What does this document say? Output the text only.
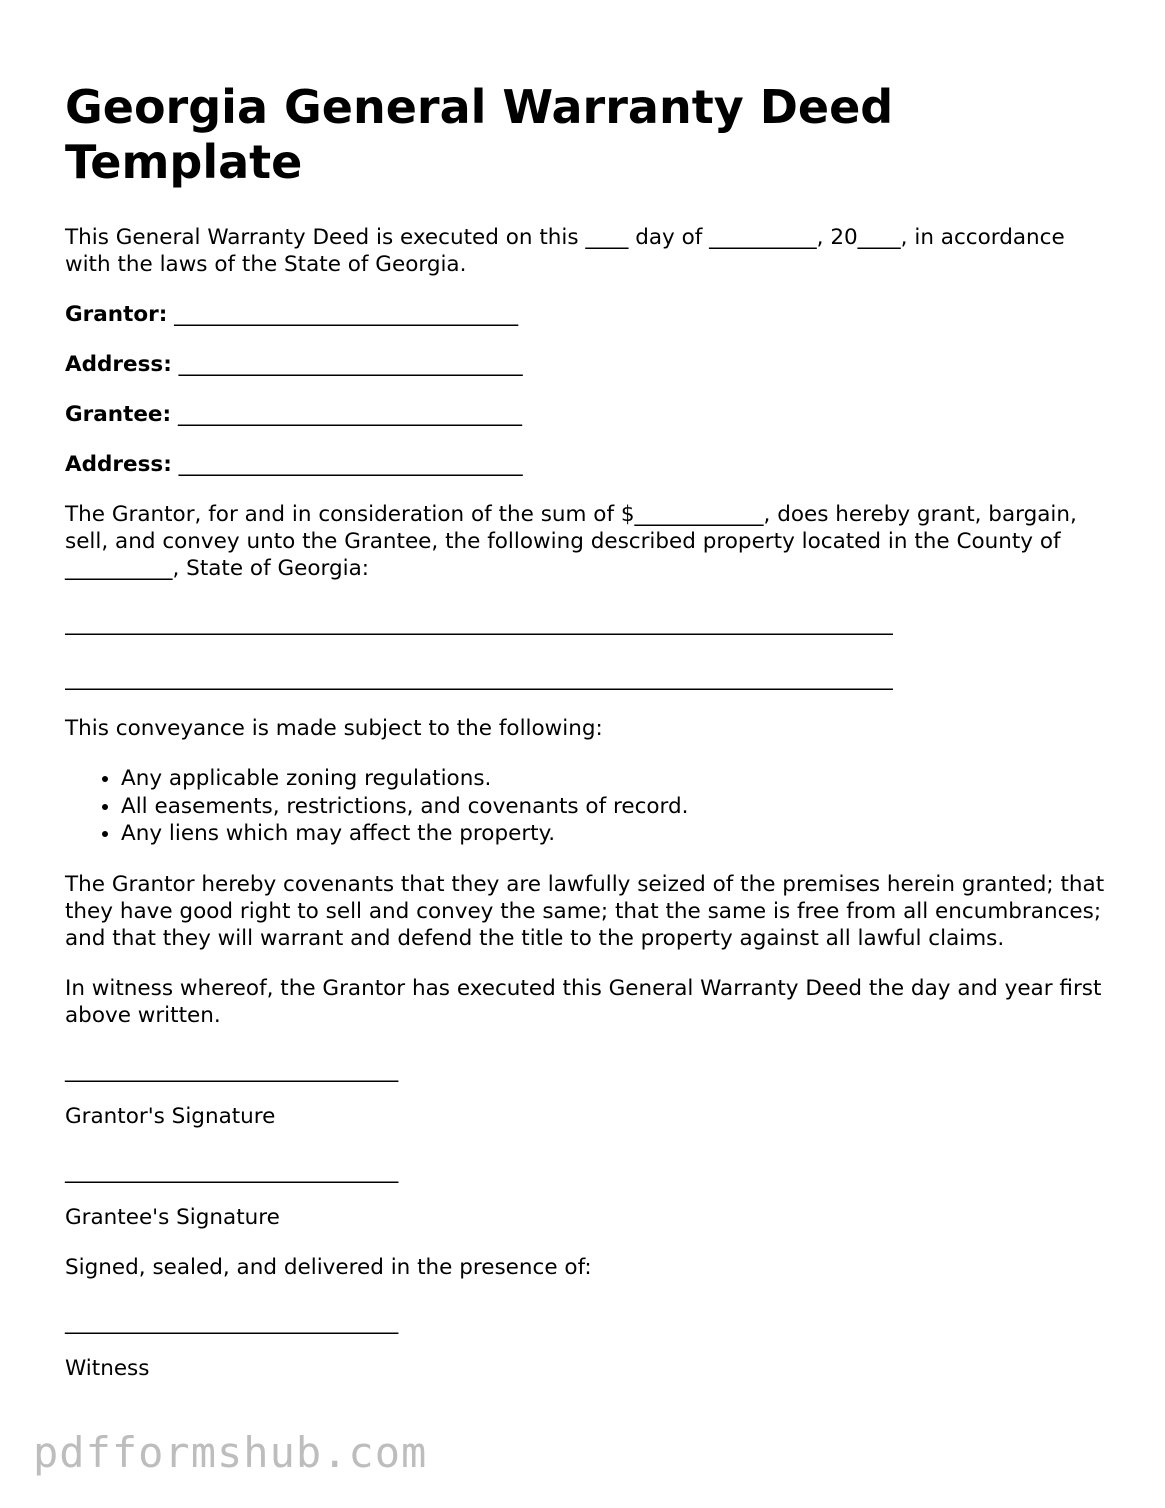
Georgia General Warranty Deed Template

This General Warranty Deed is executed on this ____ day of __________, 20____, in accordance with the laws of the State of Georgia.

Grantor: ________________________________

Address: ________________________________

Grantee: ________________________________

Address: ________________________________

The Grantor, for and in consideration of the sum of $____________, does hereby grant, bargain, sell, and convey unto the Grantee, the following described property located in the County of __________, State of Georgia:

_____________________________________________________________________________

_____________________________________________________________________________

This conveyance is made subject to the following:

• Any applicable zoning regulations.
• All easements, restrictions, and covenants of record.
• Any liens which may affect the property.

The Grantor hereby covenants that they are lawfully seized of the premises herein granted; that they have good right to sell and convey the same; that the same is free from all encumbrances; and that they will warrant and defend the title to the property against all lawful claims.

In witness whereof, the Grantor has executed this General Warranty Deed the day and year first above written.

_______________________________

Grantor's Signature

_______________________________

Grantee's Signature

Signed, sealed, and delivered in the presence of:

_______________________________

Witness

pdfformshub.com
